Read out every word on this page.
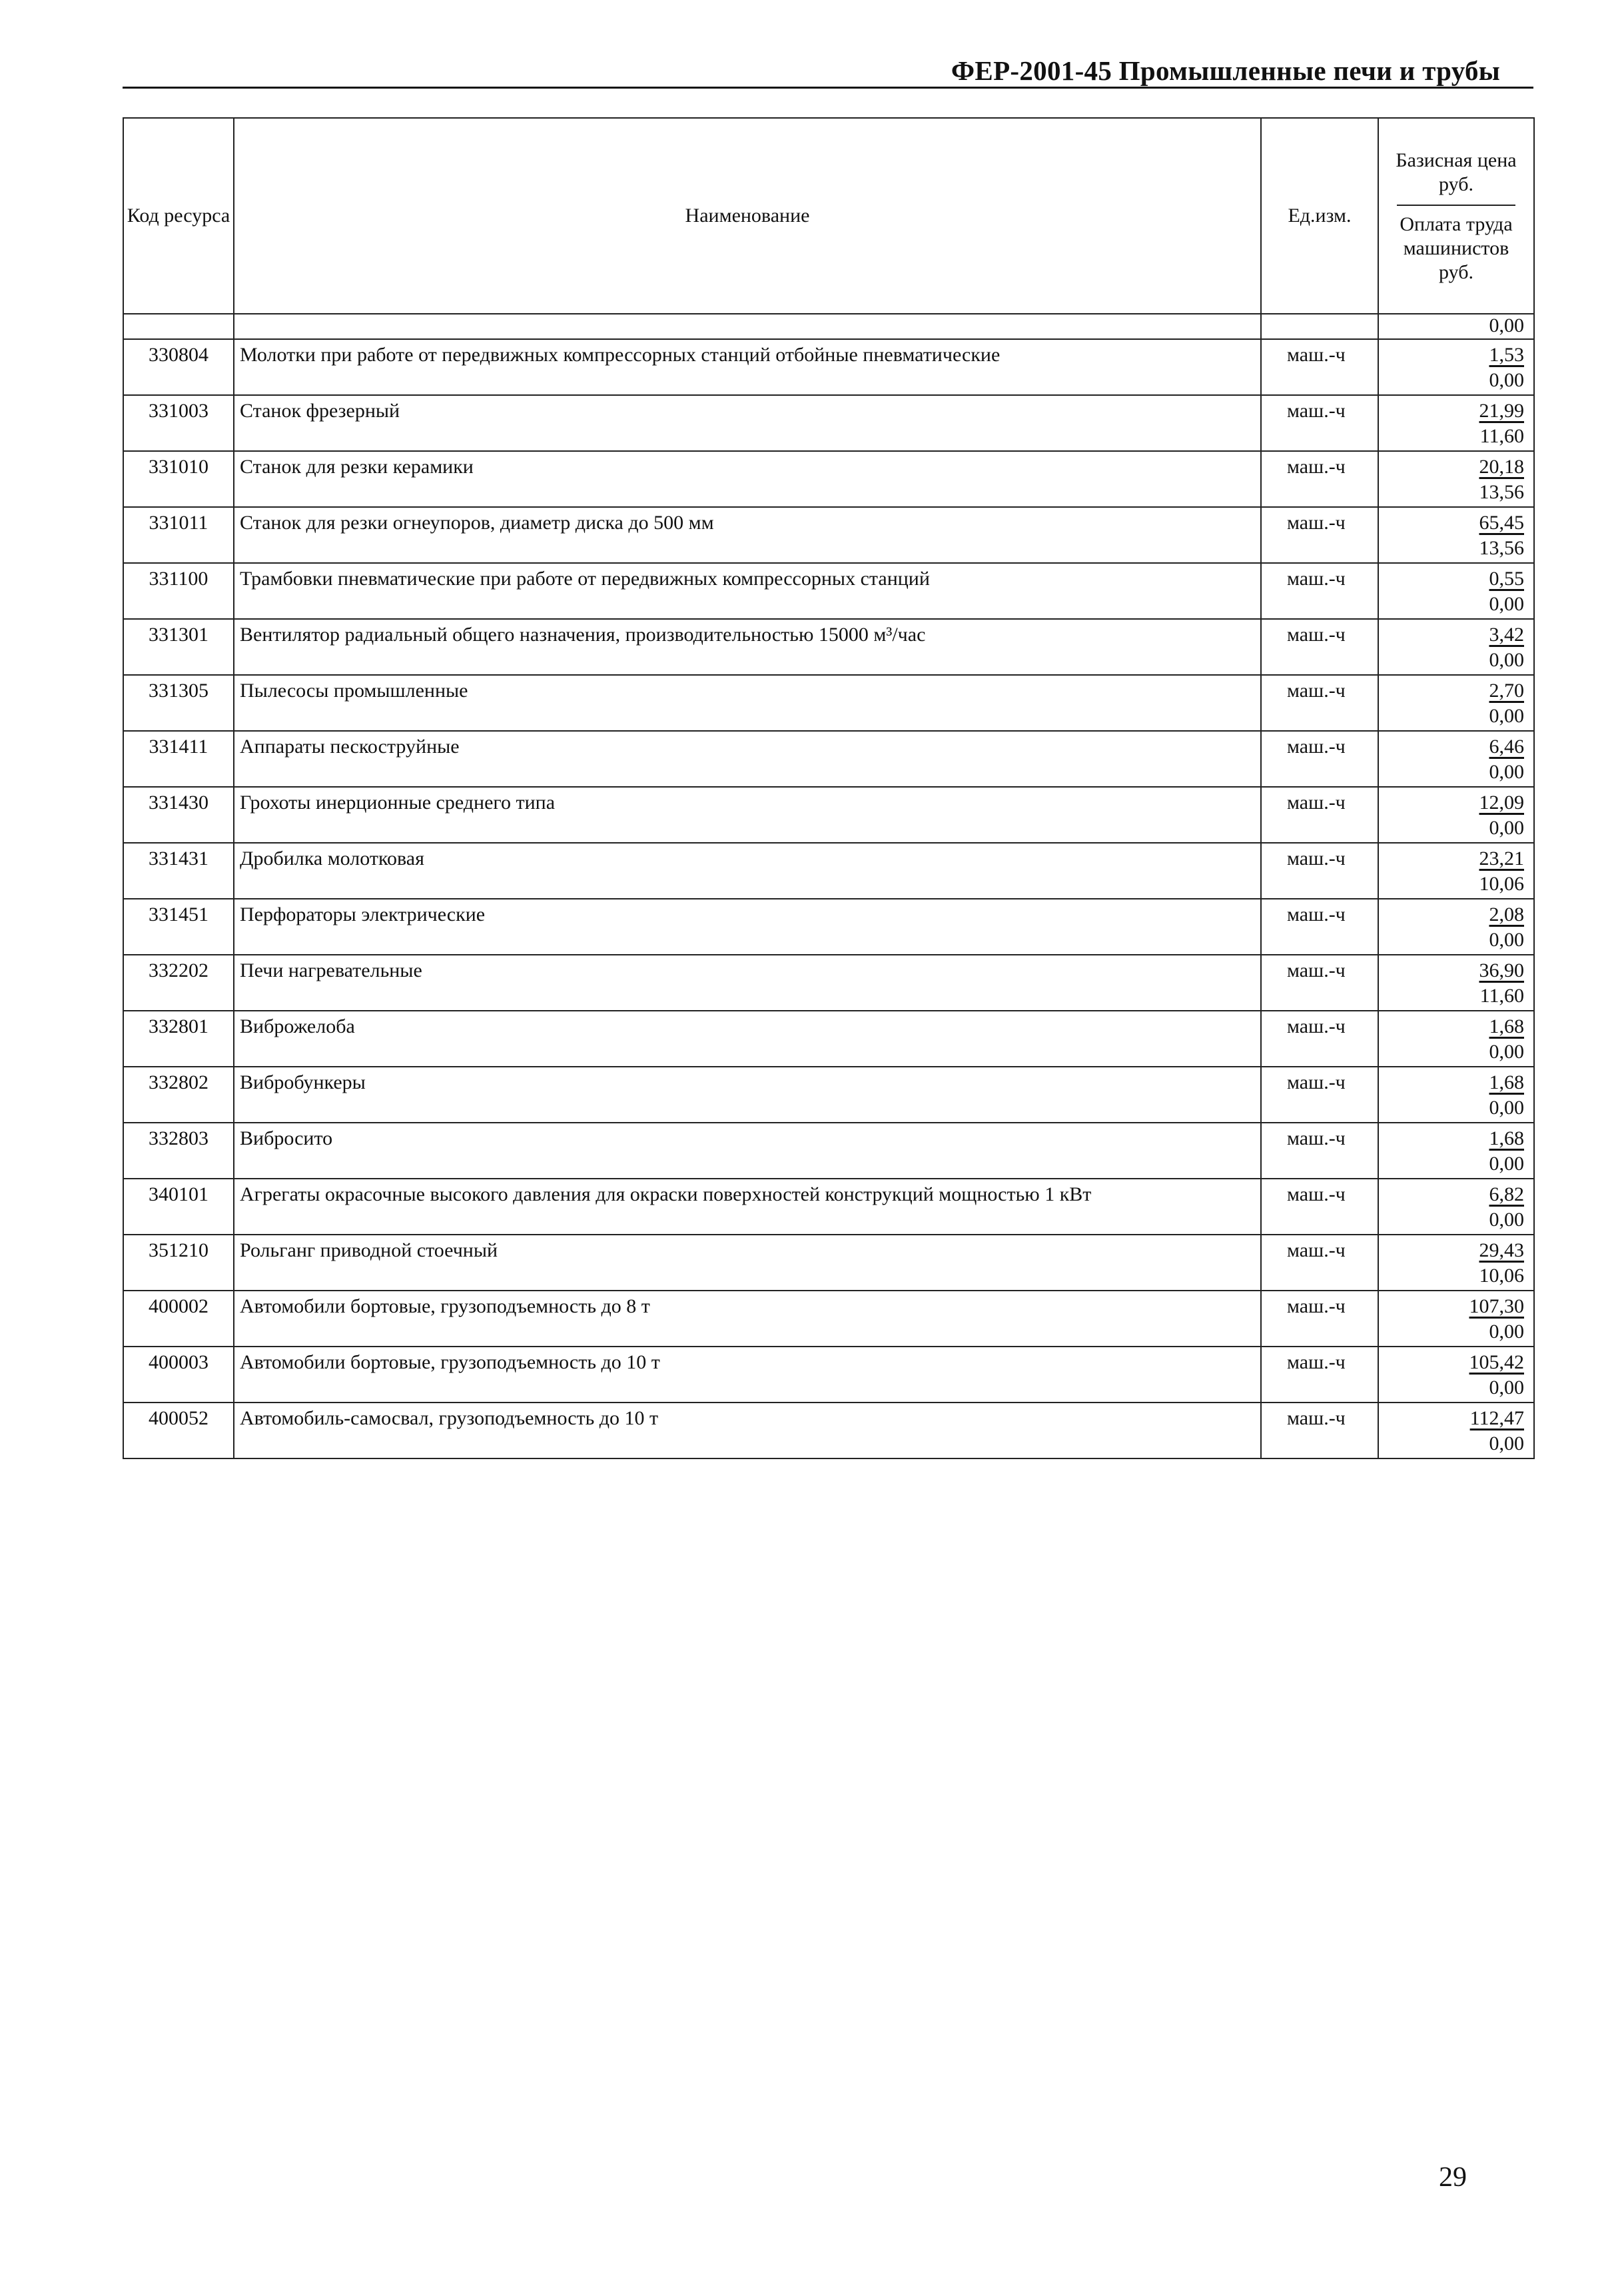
ФЕР-2001-45 Промышленные печи и трубы
Код ресурса	Наименование	Ед.изм.	Базисная цена руб.
Оплата труда машинистов руб.

			0,00
330804	Молотки при работе от передвижных компрессорных станций отбойные пневматические	маш.-ч	1,53
0,00

331003	Станок фрезерный	маш.-ч	21,99
11,60

331010	Станок для резки керамики	маш.-ч	20,18
13,56

331011	Станок для резки огнеупоров, диаметр диска до 500 мм	маш.-ч	65,45
13,56

331100	Трамбовки пневматические при работе от передвижных компрессорных станций	маш.-ч	0,55
0,00

331301	Вентилятор радиальный общего назначения, производительностью 15000 м³/час	маш.-ч	3,42
0,00

331305	Пылесосы промышленные	маш.-ч	2,70
0,00

331411	Аппараты пескоструйные	маш.-ч	6,46
0,00

331430	Грохоты инерционные среднего типа	маш.-ч	12,09
0,00

331431	Дробилка молотковая	маш.-ч	23,21
10,06

331451	Перфораторы электрические	маш.-ч	2,08
0,00

332202	Печи нагревательные	маш.-ч	36,90
11,60

332801	Виброжелоба	маш.-ч	1,68
0,00

332802	Вибробункеры	маш.-ч	1,68
0,00

332803	Вибросито	маш.-ч	1,68
0,00

340101	Агрегаты окрасочные высокого давления для окраски поверхностей конструкций мощностью 1 кВт	маш.-ч	6,82
0,00

351210	Рольганг приводной стоечный	маш.-ч	29,43
10,06

400002	Автомобили бортовые, грузоподъемность до 8 т	маш.-ч	107,30
0,00

400003	Автомобили бортовые, грузоподъемность до 10 т	маш.-ч	105,42
0,00

400052	Автомобиль-самосвал, грузоподъемность до 10 т	маш.-ч	112,47
0,00
29
